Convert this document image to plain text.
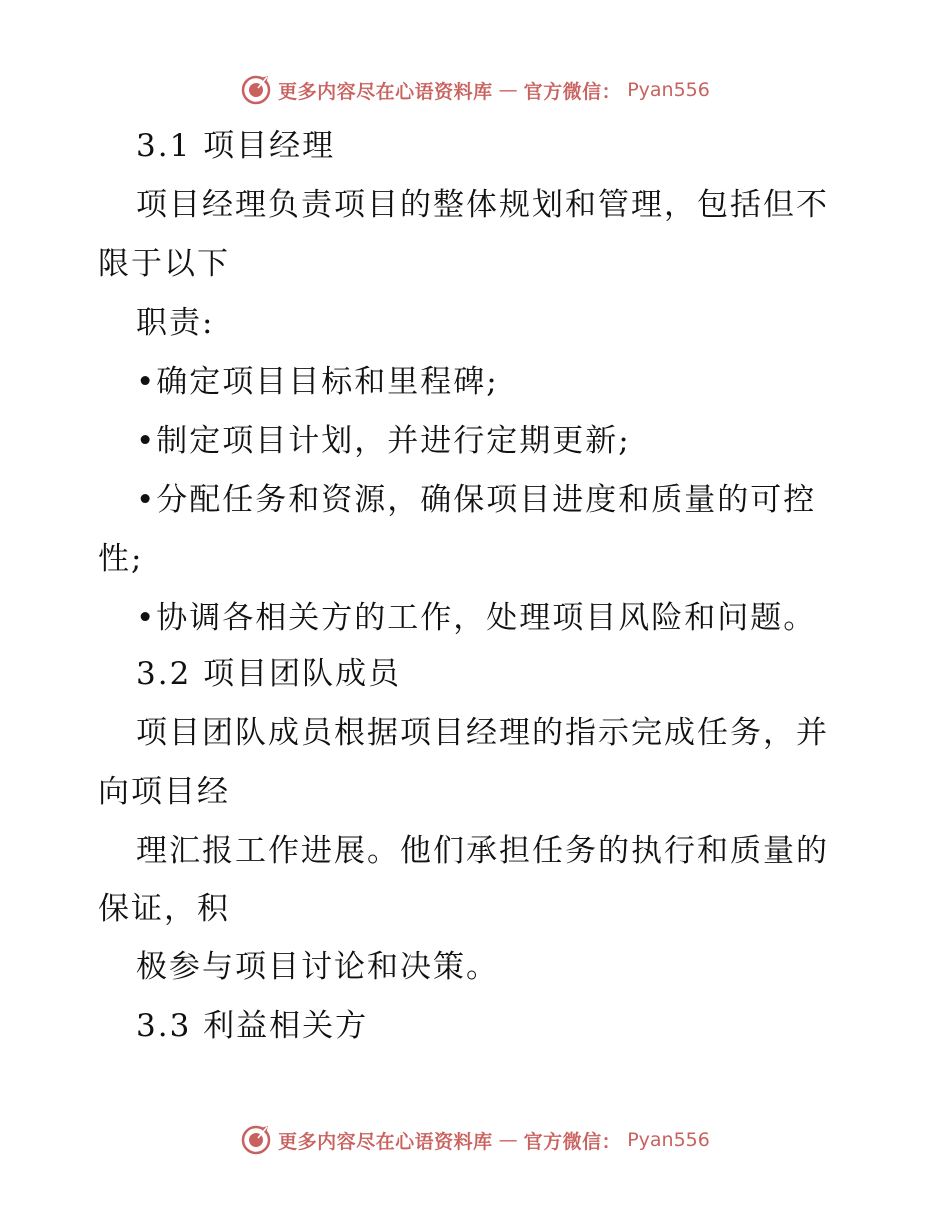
更多内容尽在心语资料库 — 官方微信： Pyan556
3.1 项目经理
项目经理负责项目的整体规划和管理，包括但不
限于以下
职责:
•确定项目目标和里程碑;
•制定项目计划，并进行定期更新;
•分配任务和资源，确保项目进度和质量的可控
性;
•协调各相关方的工作，处理项目风险和问题。
3.2 项目团队成员
项目团队成员根据项目经理的指示完成任务，并
向项目经
理汇报工作进展。他们承担任务的执行和质量的
保证，积
极参与项目讨论和决策。
3.3 利益相关方
更多内容尽在心语资料库 — 官方微信： Pyan556
